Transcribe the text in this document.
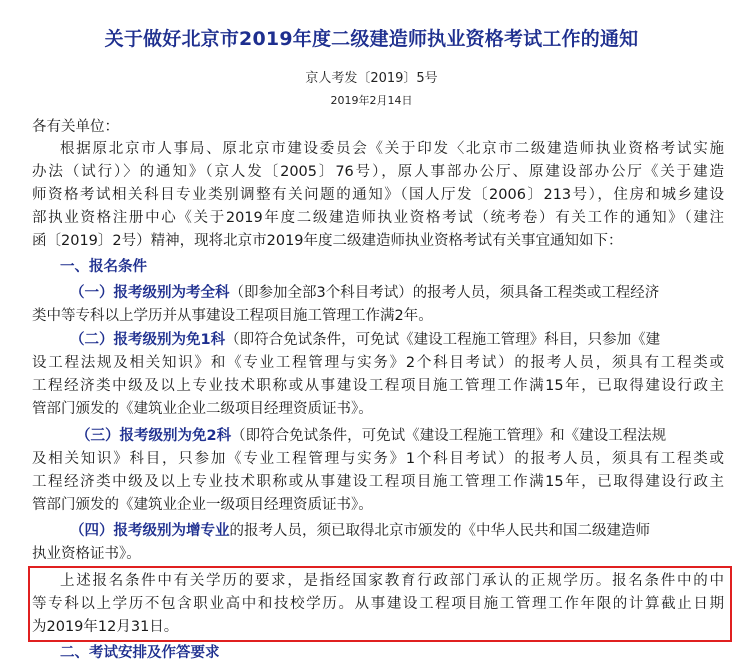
关于做好北京市2019年度二级建造师执业资格考试工作的通知
京人考发〔2019〕5号
2019年2月14日
各有关单位：
根据原北京市人事局、原北京市建设委员会《关于印发〈北京市二级建造师执业资格考试实施
办法（试行）〉的通知》（京人发〔2005〕76号），原人事部办公厅、原建设部办公厅《关于建造
师资格考试相关科目专业类别调整有关问题的通知》（国人厅发〔2006〕213号），住房和城乡建设
部执业资格注册中心《关于2019年度二级建造师执业资格考试（统考卷）有关工作的通知》（建注
函〔2019〕2号）精神，现将北京市2019年度二级建造师执业资格考试有关事宜通知如下：
一、报名条件
（一）报考级别为考全科（即参加全部3个科目考试）的报考人员，须具备工程类或工程经济
类中等专科以上学历并从事建设工程项目施工管理工作满2年。
（二）报考级别为免1科（即符合免试条件，可免试《建设工程施工管理》科目，只参加《建
设工程法规及相关知识》和《专业工程管理与实务》2个科目考试）的报考人员，须具有工程类或
工程经济类中级及以上专业技术职称或从事建设工程项目施工管理工作满15年，已取得建设行政主
管部门颁发的《建筑业企业二级项目经理资质证书》。
（三）报考级别为免2科（即符合免试条件，可免试《建设工程施工管理》和《建设工程法规
及相关知识》科目，只参加《专业工程管理与实务》1个科目考试）的报考人员，须具有工程类或
工程经济类中级及以上专业技术职称或从事建设工程项目施工管理工作满15年，已取得建设行政主
管部门颁发的《建筑业企业一级项目经理资质证书》。
（四）报考级别为增专业的报考人员，须已取得北京市颁发的《中华人民共和国二级建造师
执业资格证书》。
上述报名条件中有关学历的要求，是指经国家教育行政部门承认的正规学历。报名条件中的中
等专科以上学历不包含职业高中和技校学历。从事建设工程项目施工管理工作年限的计算截止日期
为2019年12月31日。
二、考试安排及作答要求
